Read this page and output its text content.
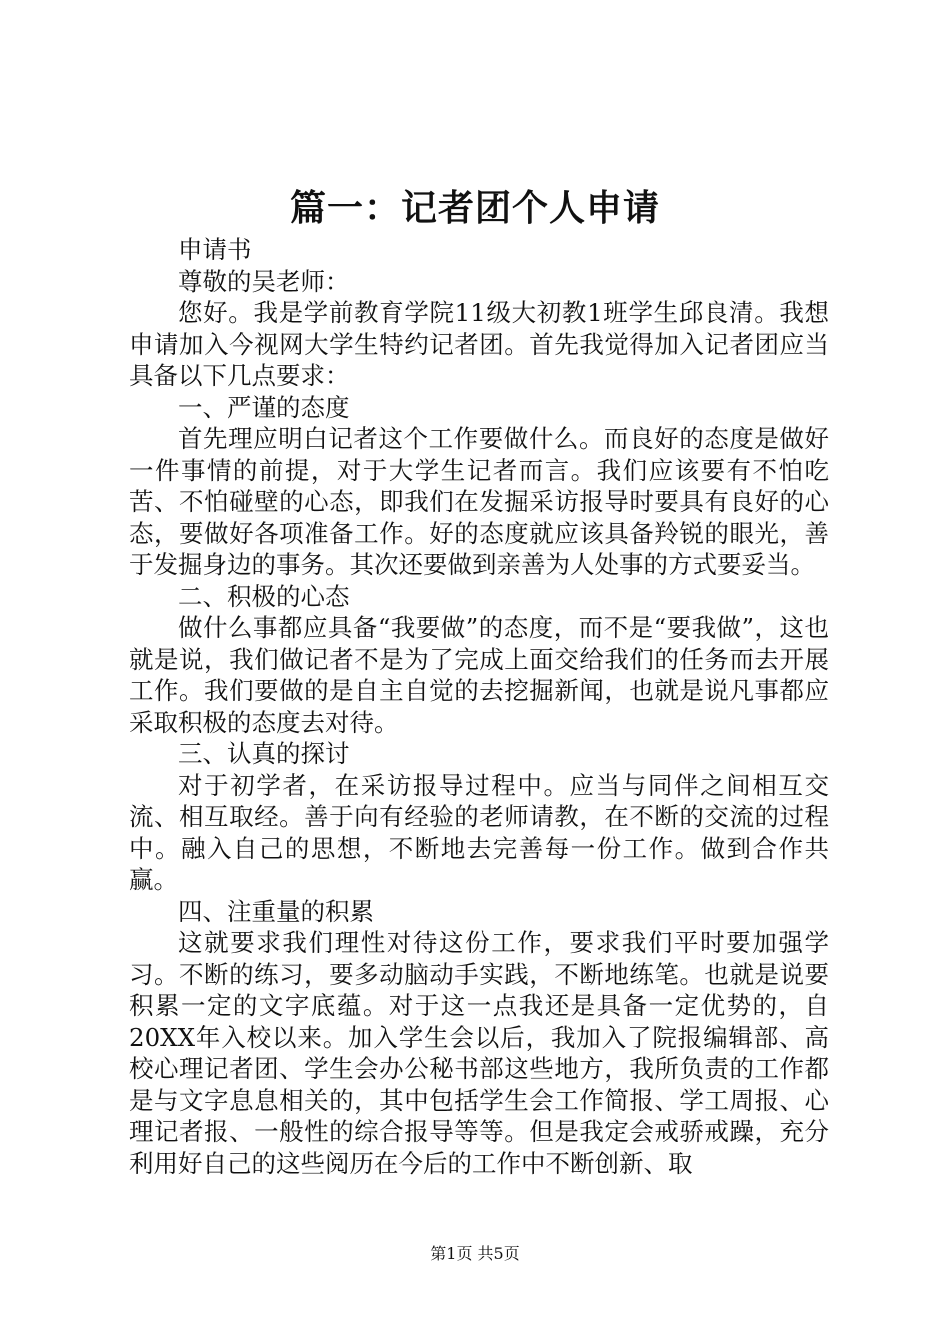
篇一：记者团个人申请

申请书

尊敬的吴老师：

您好。我是学前教育学院11级大初教1班学生邱良清。我想申请加入今视网大学生特约记者团。首先我觉得加入记者团应当具备以下几点要求：

一、严谨的态度

首先理应明白记者这个工作要做什么。而良好的态度是做好一件事情的前提，对于大学生记者而言。我们应该要有不怕吃苦、不怕碰壁的心态，即我们在发掘采访报导时要具有良好的心态，要做好各项准备工作。好的态度就应该具备羚锐的眼光，善于发掘身边的事务。其次还要做到亲善为人处事的方式要妥当。

二、积极的心态

做什么事都应具备“我要做”的态度，而不是“要我做”，这也就是说，我们做记者不是为了完成上面交给我们的任务而去开展工作。我们要做的是自主自觉的去挖掘新闻，也就是说凡事都应采取积极的态度去对待。

三、认真的探讨

对于初学者，在采访报导过程中。应当与同伴之间相互交流、相互取经。善于向有经验的老师请教，在不断的交流的过程中。融入自己的思想，不断地去完善每一份工作。做到合作共赢。

四、注重量的积累

这就要求我们理性对待这份工作，要求我们平时要加强学习。不断的练习，要多动脑动手实践，不断地练笔。也就是说要积累一定的文字底蕴。对于这一点我还是具备一定优势的，自20XX年入校以来。加入学生会以后，我加入了院报编辑部、高校心理记者团、学生会办公秘书部这些地方，我所负责的工作都是与文字息息相关的，其中包括学生会工作简报、学工周报、心理记者报、一般性的综合报导等等。但是我定会戒骄戒躁，充分利用好自己的这些阅历在今后的工作中不断创新、取

第1页 共5页
